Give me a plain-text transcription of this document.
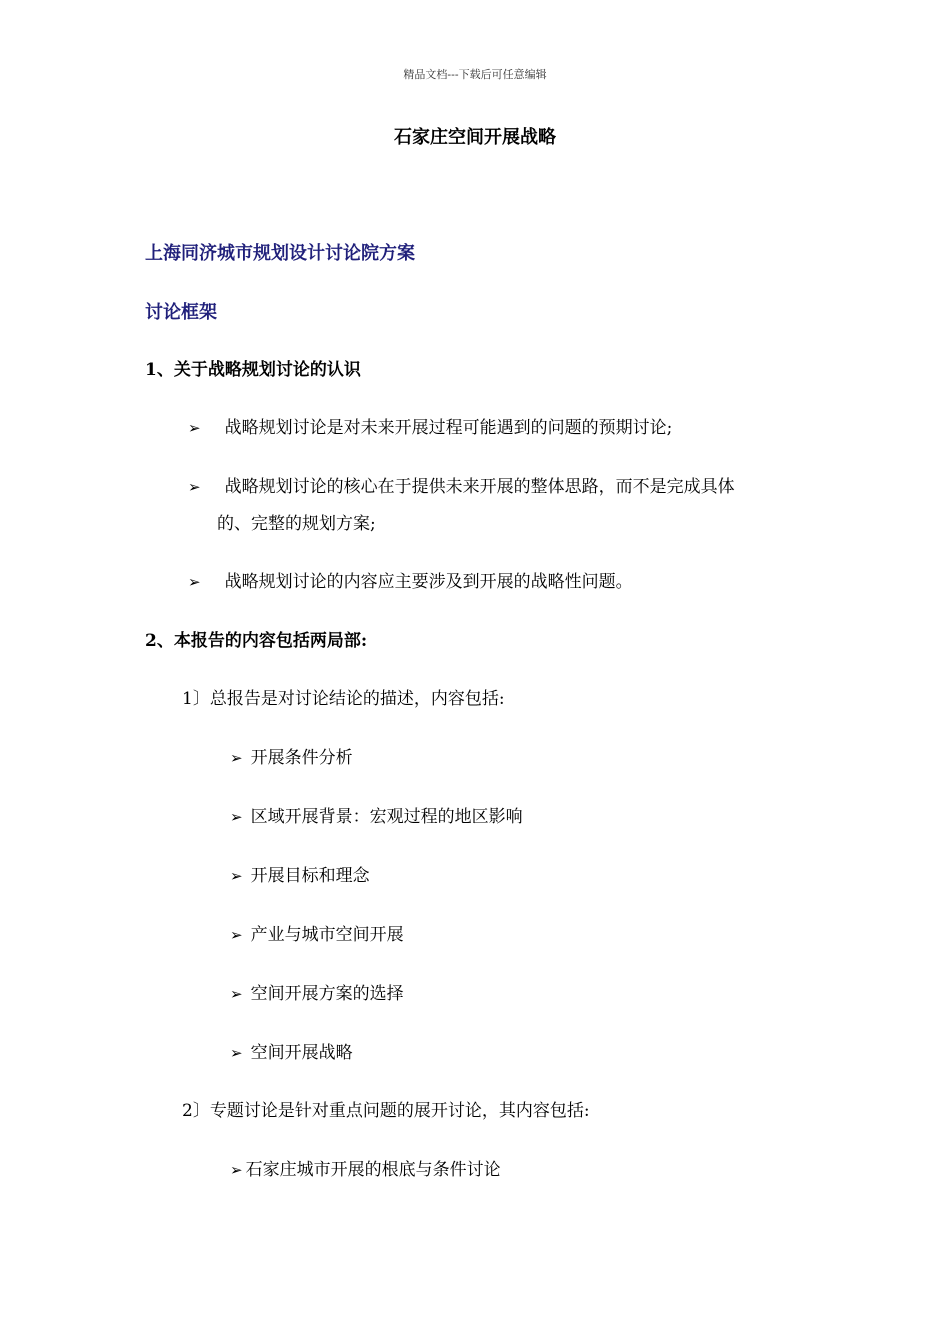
精品文档---下载后可任意编辑
石家庄空间开展战略
上海同济城市规划设计讨论院方案
讨论框架
1、关于战略规划讨论的认识
➢ 战略规划讨论是对未来开展过程可能遇到的问题的预期讨论;
➢ 战略规划讨论的核心在于提供未来开展的整体思路，而不是完成具体
的、完整的规划方案;
➢ 战略规划讨论的内容应主要涉及到开展的战略性问题。
2、本报告的内容包括两局部:
1〕总报告是对讨论结论的描述，内容包括:
➢ 开展条件分析
➢ 区域开展背景：宏观过程的地区影响
➢ 开展目标和理念
➢ 产业与城市空间开展
➢ 空间开展方案的选择
➢ 空间开展战略
2〕专题讨论是针对重点问题的展开讨论，其内容包括:
➢ 石家庄城市开展的根底与条件讨论
